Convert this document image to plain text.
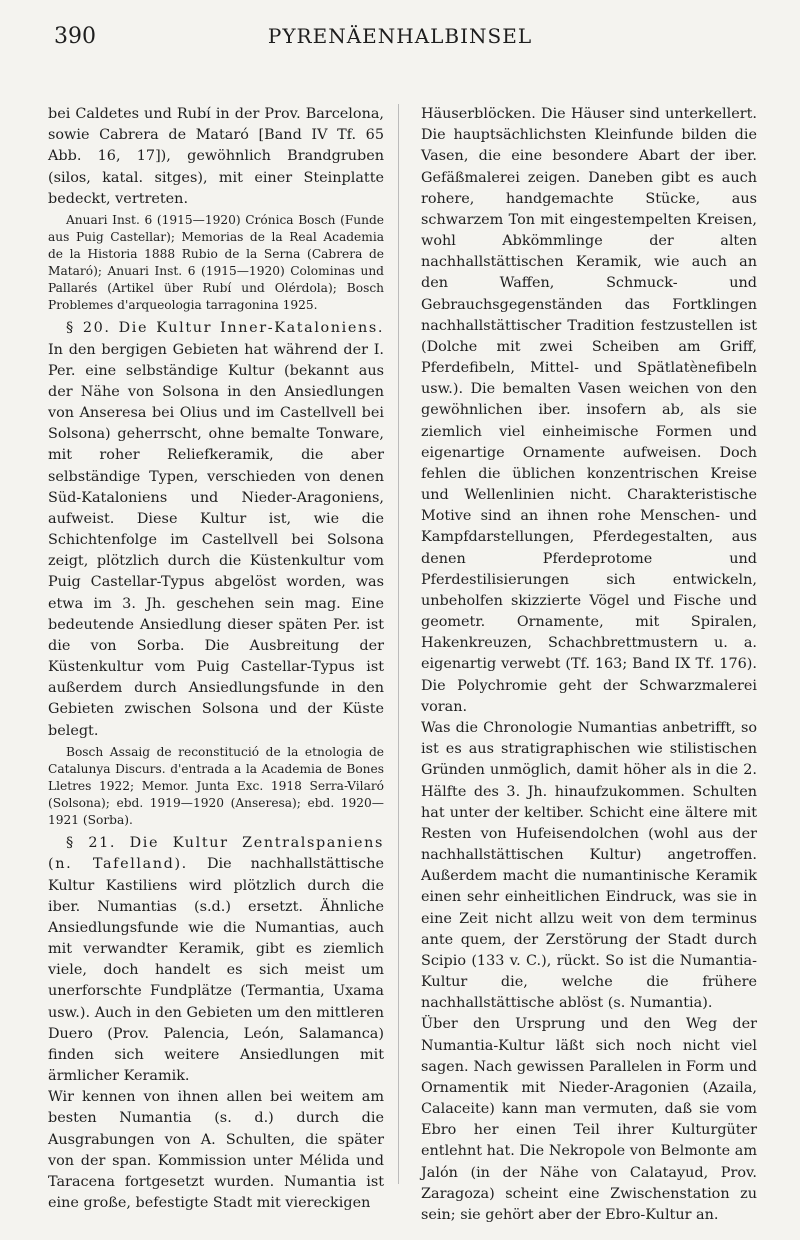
390	PYRENÄENHALBINSEL

bei Caldetes und Rubí in der Prov. Barcelona, sowie Cabrera de Mataró [Band IV Tf. 65 Abb. 16, 17]), gewöhnlich Brandgruben (silos, katal. sitges), mit einer Steinplatte bedeckt, vertreten.

Anuari Inst. 6 (1915—1920) Crónica Bosch (Funde aus Puig Castellar); Memorias de la Real Academia de la Historia 1888 Rubio de la Serna (Cabrera de Mataró); Anuari Inst. 6 (1915—1920) Colominas und Pallarés (Artikel über Rubí und Olérdola); Bosch Problemes d'arqueologia tarragonina 1925.

§ 20. Die Kultur Inner-Kataloniens. In den bergigen Gebieten hat während der I. Per. eine selbständige Kultur (bekannt aus der Nähe von Solsona in den Ansiedlungen von Anseresa bei Olius und im Castellvell bei Solsona) geherrscht, ohne bemalte Tonware, mit roher Reliefkeramik, die aber selbständige Typen, verschieden von denen Süd-Kataloniens und Nieder-Aragoniens, aufweist. Diese Kultur ist, wie die Schichtenfolge im Castellvell bei Solsona zeigt, plötzlich durch die Küstenkultur vom Puig Castellar-Typus abgelöst worden, was etwa im 3. Jh. geschehen sein mag. Eine bedeutende Ansiedlung dieser späten Per. ist die von Sorba. Die Ausbreitung der Küstenkultur vom Puig Castellar-Typus ist außerdem durch Ansiedlungsfunde in den Gebieten zwischen Solsona und der Küste belegt.

Bosch Assaig de reconstitució de la etnologia de Catalunya Discurs. d'entrada a la Academia de Bones Lletres 1922; Memor. Junta Exc. 1918 Serra-Vilaró (Solsona); ebd. 1919—1920 (Anseresa); ebd. 1920—1921 (Sorba).

§ 21. Die Kultur Zentralspaniens (n. Tafelland). Die nachhallstättische Kultur Kastiliens wird plötzlich durch die iber. Numantias (s.d.) ersetzt. Ähnliche Ansiedlungsfunde wie die Numantias, auch mit verwandter Keramik, gibt es ziemlich viele, doch handelt es sich meist um unerforschte Fundplätze (Termantia, Uxama usw.). Auch in den Gebieten um den mittleren Duero (Prov. Palencia, León, Salamanca) finden sich weitere Ansiedlungen mit ärmlicher Keramik.

Wir kennen von ihnen allen bei weitem am besten Numantia (s. d.) durch die Ausgrabungen von A. Schulten, die später von der span. Kommission unter Mélida und Taracena fortgesetzt wurden. Numantia ist eine große, befestigte Stadt mit viereckigen

Häuserblöcken. Die Häuser sind unterkellert. Die hauptsächlichsten Kleinfunde bilden die Vasen, die eine besondere Abart der iber. Gefäßmalerei zeigen. Daneben gibt es auch rohere, handgemachte Stücke, aus schwarzem Ton mit eingestempelten Kreisen, wohl Abkömmlinge der alten nachhallstättischen Keramik, wie auch an den Waffen, Schmuck- und Gebrauchsgegenständen das Fortklingen nachhallstättischer Tradition festzustellen ist (Dolche mit zwei Scheiben am Griff, Pferdefibeln, Mittel- und Spätlatènefibeln usw.). Die bemalten Vasen weichen von den gewöhnlichen iber. insofern ab, als sie ziemlich viel einheimische Formen und eigenartige Ornamente aufweisen. Doch fehlen die üblichen konzentrischen Kreise und Wellenlinien nicht. Charakteristische Motive sind an ihnen rohe Menschen- und Kampfdarstellungen, Pferdegestalten, aus denen Pferdeprotome und Pferdestilisierungen sich entwickeln, unbeholfen skizzierte Vögel und Fische und geometr. Ornamente, mit Spiralen, Hakenkreuzen, Schachbrettmustern u. a. eigenartig verwebt (Tf. 163; Band IX Tf. 176). Die Polychromie geht der Schwarzmalerei voran.

Was die Chronologie Numantias anbetrifft, so ist es aus stratigraphischen wie stilistischen Gründen unmöglich, damit höher als in die 2. Hälfte des 3. Jh. hinaufzukommen. Schulten hat unter der keltiber. Schicht eine ältere mit Resten von Hufeisendolchen (wohl aus der nachhallstättischen Kultur) angetroffen. Außerdem macht die numantinische Keramik einen sehr einheitlichen Eindruck, was sie in eine Zeit nicht allzu weit von dem terminus ante quem, der Zerstörung der Stadt durch Scipio (133 v. C.), rückt. So ist die Numantia-Kultur die, welche die frühere nachhallstättische ablöst (s. Numantia).

Über den Ursprung und den Weg der Numantia-Kultur läßt sich noch nicht viel sagen. Nach gewissen Parallelen in Form und Ornamentik mit Nieder-Aragonien (Azaila, Calaceite) kann man vermuten, daß sie vom Ebro her einen Teil ihrer Kulturgüter entlehnt hat. Die Nekropole von Belmonte am Jalón (in der Nähe von Calatayud, Prov. Zaragoza) scheint eine Zwischenstation zu sein; sie gehört aber der Ebro-Kultur an.
